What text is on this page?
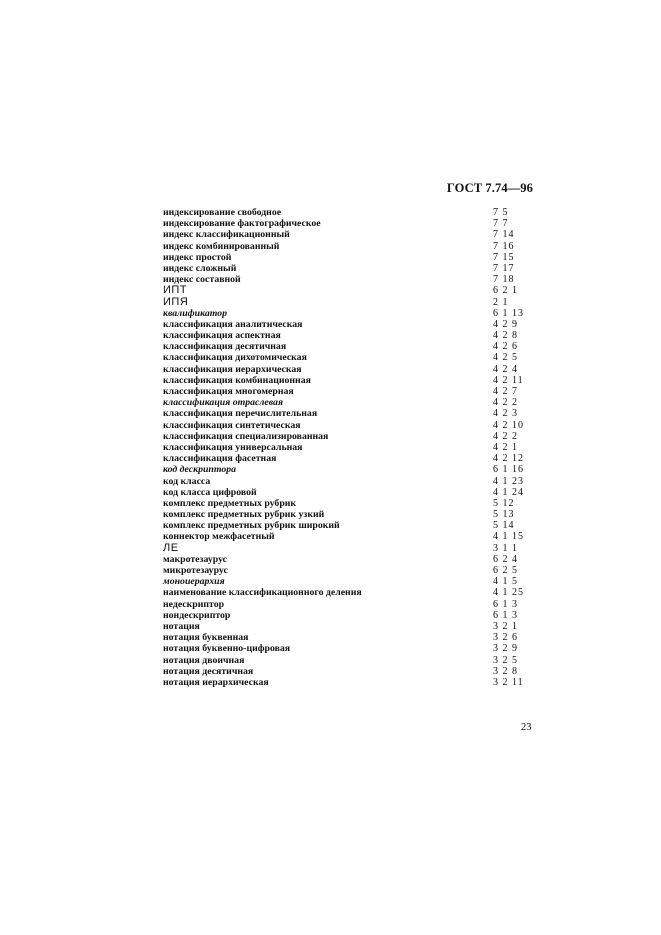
ГОСТ 7.74—96
индексирование свободное	7 5
индексирование фактографическое	7 7
индекс классификационный	7 14
индекс комбинированный	7 16
индекс простой	7 15
индекс сложный	7 17
индекс составной	7 18
ИПТ	6 2 1
ИПЯ	2 1
квалификатор	6 1 13
классификация аналитическая	4 2 9
классификация аспектная	4 2 8
классификация десятичная	4 2 6
классификация дихотомическая	4 2 5
классификация иерархическая	4 2 4
классификация комбинационная	4 2 11
классификация многомерная	4 2 7
классификация отраслевая	4 2 2
классификация перечислительная	4 2 3
классификация синтетическая	4 2 10
классификация специализированная	4 2 2
классификация универсальная	4 2 1
классификация фасетная	4 2 12
код дескриптора	6 1 16
код класса	4 1 23
код класса цифровой	4 1 24
комплекс предметных рубрик	5 12
комплекс предметных рубрик узкий	5 13
комплекс предметных рубрик широкий	5 14
коннектор межфасетный	4 1 15
ЛЕ	3 1 1
макротезаурус	6 2 4
микротезаурус	6 2 5
моноиерархия	4 1 5
наименование классификационного деления	4 1 25
недескриптор	6 1 3
нондескриптор	6 1 3
нотация	3 2 1
нотация буквенная	3 2 6
нотация буквенно-цифровая	3 2 9
нотация двоичная	3 2 5
нотация десятичная	3 2 8
нотация иерархическая	3 2 11
23
